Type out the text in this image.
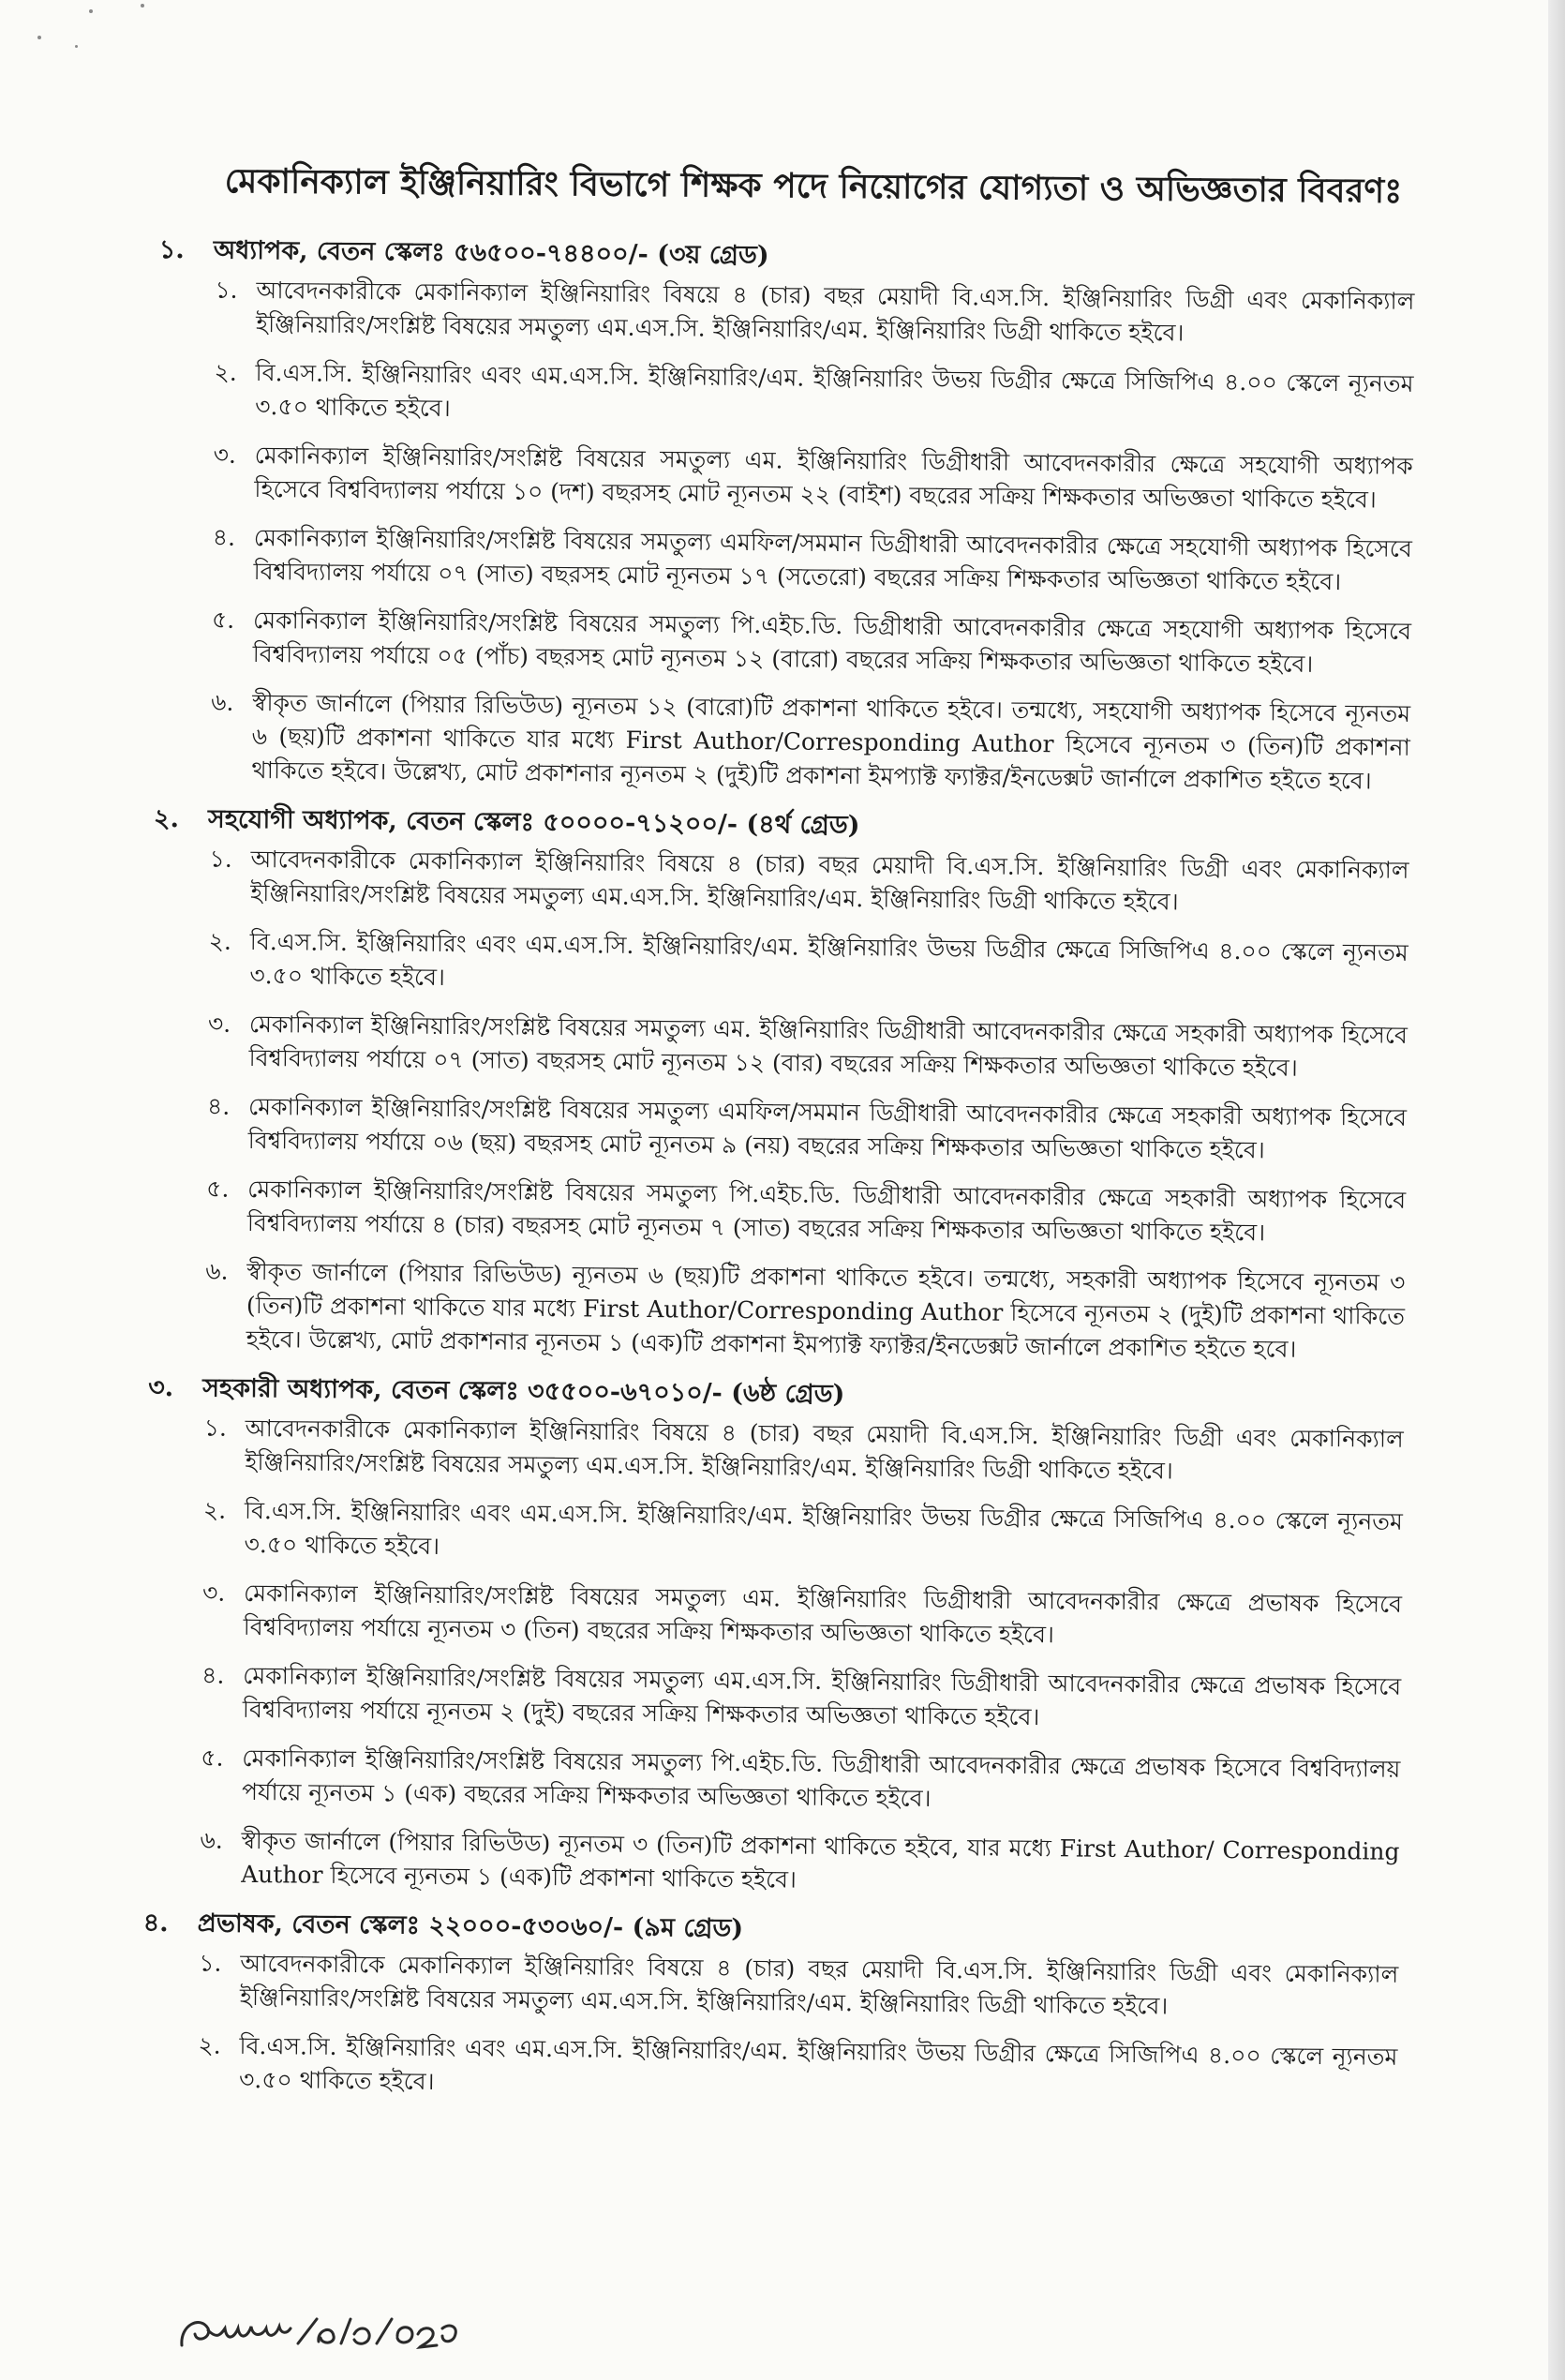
মেকানিক্যাল ইঞ্জিনিয়ারিং বিভাগে শিক্ষক পদে নিয়োগের যোগ্যতা ও অভিজ্ঞতার বিবরণঃ
১.	অধ্যাপক, বেতন স্কেলঃ ৫৬৫০০-৭৪৪০০/- (৩য় গ্রেড)
১. আবেদনকারীকে মেকানিক্যাল ইঞ্জিনিয়ারিং বিষয়ে ৪ (চার) বছর মেয়াদী বি.এস.সি. ইঞ্জিনিয়ারিং ডিগ্রী এবং মেকানিক্যাল ইঞ্জিনিয়ারিং/সংশ্লিষ্ট বিষয়ের সমতুল্য এম.এস.সি. ইঞ্জিনিয়ারিং/এম. ইঞ্জিনিয়ারিং ডিগ্রী থাকিতে হইবে।
২. বি.এস.সি. ইঞ্জিনিয়ারিং এবং এম.এস.সি. ইঞ্জিনিয়ারিং/এম. ইঞ্জিনিয়ারিং উভয় ডিগ্রীর ক্ষেত্রে সিজিপিএ ৪.০০ স্কেলে ন্যূনতম ৩.৫০ থাকিতে হইবে।
৩. মেকানিক্যাল ইঞ্জিনিয়ারিং/সংশ্লিষ্ট বিষয়ের সমতুল্য এম. ইঞ্জিনিয়ারিং ডিগ্রীধারী আবেদনকারীর ক্ষেত্রে সহযোগী অধ্যাপক হিসেবে বিশ্ববিদ্যালয় পর্যায়ে ১০ (দশ) বছরসহ মোট ন্যূনতম ২২ (বাইশ) বছরের সক্রিয় শিক্ষকতার অভিজ্ঞতা থাকিতে হইবে।
৪. মেকানিক্যাল ইঞ্জিনিয়ারিং/সংশ্লিষ্ট বিষয়ের সমতুল্য এমফিল/সমমান ডিগ্রীধারী আবেদনকারীর ক্ষেত্রে সহযোগী অধ্যাপক হিসেবে বিশ্ববিদ্যালয় পর্যায়ে ০৭ (সাত) বছরসহ মোট ন্যূনতম ১৭ (সতেরো) বছরের সক্রিয় শিক্ষকতার অভিজ্ঞতা থাকিতে হইবে।
৫. মেকানিক্যাল ইঞ্জিনিয়ারিং/সংশ্লিষ্ট বিষয়ের সমতুল্য পি.এইচ.ডি. ডিগ্রীধারী আবেদনকারীর ক্ষেত্রে সহযোগী অধ্যাপক হিসেবে বিশ্ববিদ্যালয় পর্যায়ে ০৫ (পাঁচ) বছরসহ মোট ন্যূনতম ১২ (বারো) বছরের সক্রিয় শিক্ষকতার অভিজ্ঞতা থাকিতে হইবে।
৬. স্বীকৃত জার্নালে (পিয়ার রিভিউড) ন্যূনতম ১২ (বারো)টি প্রকাশনা থাকিতে হইবে। তন্মধ্যে, সহযোগী অধ্যাপক হিসেবে ন্যূনতম ৬ (ছয়)টি প্রকাশনা থাকিতে যার মধ্যে First Author/Corresponding Author হিসেবে ন্যূনতম ৩ (তিন)টি প্রকাশনা থাকিতে হইবে। উল্লেখ্য, মোট প্রকাশনার ন্যূনতম ২ (দুই)টি প্রকাশনা ইমপ্যাক্ট ফ্যাক্টর/ইনডেক্সট জার্নালে প্রকাশিত হইতে হবে।
২.	সহযোগী অধ্যাপক, বেতন স্কেলঃ ৫০০০০-৭১২০০/- (৪র্থ গ্রেড)
১. আবেদনকারীকে মেকানিক্যাল ইঞ্জিনিয়ারিং বিষয়ে ৪ (চার) বছর মেয়াদী বি.এস.সি. ইঞ্জিনিয়ারিং ডিগ্রী এবং মেকানিক্যাল ইঞ্জিনিয়ারিং/সংশ্লিষ্ট বিষয়ের সমতুল্য এম.এস.সি. ইঞ্জিনিয়ারিং/এম. ইঞ্জিনিয়ারিং ডিগ্রী থাকিতে হইবে।
২. বি.এস.সি. ইঞ্জিনিয়ারিং এবং এম.এস.সি. ইঞ্জিনিয়ারিং/এম. ইঞ্জিনিয়ারিং উভয় ডিগ্রীর ক্ষেত্রে সিজিপিএ ৪.০০ স্কেলে ন্যূনতম ৩.৫০ থাকিতে হইবে।
৩. মেকানিক্যাল ইঞ্জিনিয়ারিং/সংশ্লিষ্ট বিষয়ের সমতুল্য এম. ইঞ্জিনিয়ারিং ডিগ্রীধারী আবেদনকারীর ক্ষেত্রে সহকারী অধ্যাপক হিসেবে বিশ্ববিদ্যালয় পর্যায়ে ০৭ (সাত) বছরসহ মোট ন্যূনতম ১২ (বার) বছরের সক্রিয় শিক্ষকতার অভিজ্ঞতা থাকিতে হইবে।
৪. মেকানিক্যাল ইঞ্জিনিয়ারিং/সংশ্লিষ্ট বিষয়ের সমতুল্য এমফিল/সমমান ডিগ্রীধারী আবেদনকারীর ক্ষেত্রে সহকারী অধ্যাপক হিসেবে বিশ্ববিদ্যালয় পর্যায়ে ০৬ (ছয়) বছরসহ মোট ন্যূনতম ৯ (নয়) বছরের সক্রিয় শিক্ষকতার অভিজ্ঞতা থাকিতে হইবে।
৫. মেকানিক্যাল ইঞ্জিনিয়ারিং/সংশ্লিষ্ট বিষয়ের সমতুল্য পি.এইচ.ডি. ডিগ্রীধারী আবেদনকারীর ক্ষেত্রে সহকারী অধ্যাপক হিসেবে বিশ্ববিদ্যালয় পর্যায়ে ৪ (চার) বছরসহ মোট ন্যূনতম ৭ (সাত) বছরের সক্রিয় শিক্ষকতার অভিজ্ঞতা থাকিতে হইবে।
৬. স্বীকৃত জার্নালে (পিয়ার রিভিউড) ন্যূনতম ৬ (ছয়)টি প্রকাশনা থাকিতে হইবে। তন্মধ্যে, সহকারী অধ্যাপক হিসেবে ন্যূনতম ৩ (তিন)টি প্রকাশনা থাকিতে যার মধ্যে First Author/Corresponding Author হিসেবে ন্যূনতম ২ (দুই)টি প্রকাশনা থাকিতে হইবে। উল্লেখ্য, মোট প্রকাশনার ন্যূনতম ১ (এক)টি প্রকাশনা ইমপ্যাক্ট ফ্যাক্টর/ইনডেক্সট জার্নালে প্রকাশিত হইতে হবে।
৩.	সহকারী অধ্যাপক, বেতন স্কেলঃ ৩৫৫০০-৬৭০১০/- (৬ষ্ঠ গ্রেড)
১. আবেদনকারীকে মেকানিক্যাল ইঞ্জিনিয়ারিং বিষয়ে ৪ (চার) বছর মেয়াদী বি.এস.সি. ইঞ্জিনিয়ারিং ডিগ্রী এবং মেকানিক্যাল ইঞ্জিনিয়ারিং/সংশ্লিষ্ট বিষয়ের সমতুল্য এম.এস.সি. ইঞ্জিনিয়ারিং/এম. ইঞ্জিনিয়ারিং ডিগ্রী থাকিতে হইবে।
২. বি.এস.সি. ইঞ্জিনিয়ারিং এবং এম.এস.সি. ইঞ্জিনিয়ারিং/এম. ইঞ্জিনিয়ারিং উভয় ডিগ্রীর ক্ষেত্রে সিজিপিএ ৪.০০ স্কেলে ন্যূনতম ৩.৫০ থাকিতে হইবে।
৩. মেকানিক্যাল ইঞ্জিনিয়ারিং/সংশ্লিষ্ট বিষয়ের সমতুল্য এম. ইঞ্জিনিয়ারিং ডিগ্রীধারী আবেদনকারীর ক্ষেত্রে প্রভাষক হিসেবে বিশ্ববিদ্যালয় পর্যায়ে ন্যূনতম ৩ (তিন) বছরের সক্রিয় শিক্ষকতার অভিজ্ঞতা থাকিতে হইবে।
৪. মেকানিক্যাল ইঞ্জিনিয়ারিং/সংশ্লিষ্ট বিষয়ের সমতুল্য এম.এস.সি. ইঞ্জিনিয়ারিং ডিগ্রীধারী আবেদনকারীর ক্ষেত্রে প্রভাষক হিসেবে বিশ্ববিদ্যালয় পর্যায়ে ন্যূনতম ২ (দুই) বছরের সক্রিয় শিক্ষকতার অভিজ্ঞতা থাকিতে হইবে।
৫. মেকানিক্যাল ইঞ্জিনিয়ারিং/সংশ্লিষ্ট বিষয়ের সমতুল্য পি.এইচ.ডি. ডিগ্রীধারী আবেদনকারীর ক্ষেত্রে প্রভাষক হিসেবে বিশ্ববিদ্যালয় পর্যায়ে ন্যূনতম ১ (এক) বছরের সক্রিয় শিক্ষকতার অভিজ্ঞতা থাকিতে হইবে।
৬. স্বীকৃত জার্নালে (পিয়ার রিভিউড) ন্যূনতম ৩ (তিন)টি প্রকাশনা থাকিতে হইবে, যার মধ্যে First Author/ Corresponding Author হিসেবে ন্যূনতম ১ (এক)টি প্রকাশনা থাকিতে হইবে।
৪.	প্রভাষক, বেতন স্কেলঃ ২২০০০-৫৩০৬০/- (৯ম গ্রেড)
১. আবেদনকারীকে মেকানিক্যাল ইঞ্জিনিয়ারিং বিষয়ে ৪ (চার) বছর মেয়াদী বি.এস.সি. ইঞ্জিনিয়ারিং ডিগ্রী এবং মেকানিক্যাল ইঞ্জিনিয়ারিং/সংশ্লিষ্ট বিষয়ের সমতুল্য এম.এস.সি. ইঞ্জিনিয়ারিং/এম. ইঞ্জিনিয়ারিং ডিগ্রী থাকিতে হইবে।
২. বি.এস.সি. ইঞ্জিনিয়ারিং এবং এম.এস.সি. ইঞ্জিনিয়ারিং/এম. ইঞ্জিনিয়ারিং উভয় ডিগ্রীর ক্ষেত্রে সিজিপিএ ৪.০০ স্কেলে ন্যূনতম ৩.৫০ থাকিতে হইবে।
